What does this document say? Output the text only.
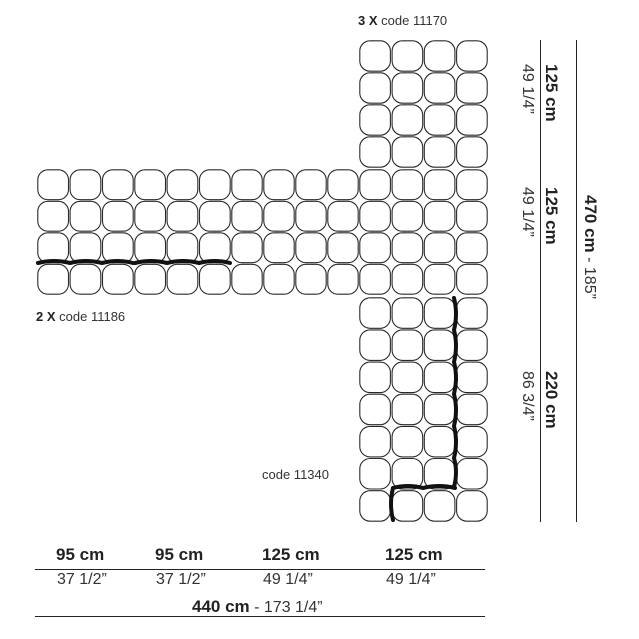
3 X code 11170
2 X code 11186
code 11340
95 cm
37 1/2”
95 cm
37 1/2”
125 cm
49 1/4”
125 cm
49 1/4”
440 cm - 173 1/4”
125 cm
49 1/4”
125 cm
49 1/4”
220 cm
86 3/4”
470 cm - 185”
